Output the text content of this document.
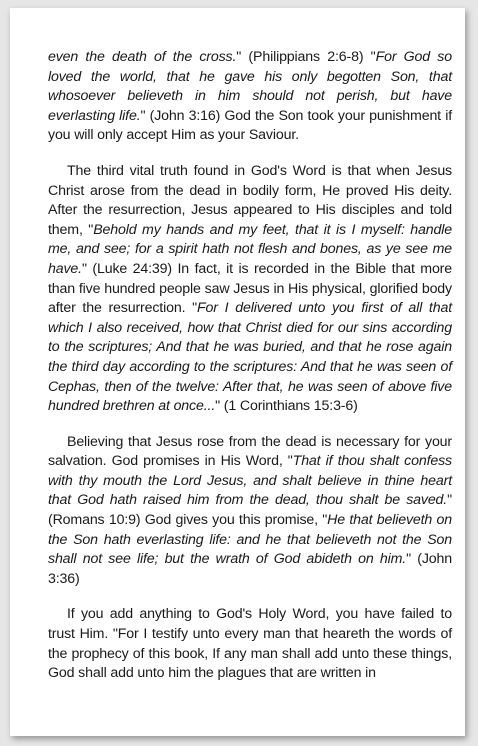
even the death of the cross." (Philippians 2:6-8) "For God so loved the world, that he gave his only begotten Son, that whosoever believeth in him should not perish, but have everlasting life." (John 3:16) God the Son took your punishment if you will only accept Him as your Saviour.

The third vital truth found in God's Word is that when Jesus Christ arose from the dead in bodily form, He proved His deity. After the resurrection, Jesus appeared to His disciples and told them, "Behold my hands and my feet, that it is I myself: handle me, and see; for a spirit hath not flesh and bones, as ye see me have." (Luke 24:39) In fact, it is recorded in the Bible that more than five hundred people saw Jesus in His physical, glorified body after the resurrection. "For I delivered unto you first of all that which I also received, how that Christ died for our sins according to the scriptures; And that he was buried, and that he rose again the third day according to the scriptures: And that he was seen of Cephas, then of the twelve: After that, he was seen of above five hundred brethren at once..." (1 Corinthians 15:3-6)

Believing that Jesus rose from the dead is necessary for your salvation. God promises in His Word, "That if thou shalt confess with thy mouth the Lord Jesus, and shalt believe in thine heart that God hath raised him from the dead, thou shalt be saved." (Romans 10:9) God gives you this promise, "He that believeth on the Son hath everlasting life: and he that believeth not the Son shall not see life; but the wrath of God abideth on him." (John 3:36)

If you add anything to God's Holy Word, you have failed to trust Him. "For I testify unto every man that heareth the words of the prophecy of this book, If any man shall add unto these things, God shall add unto him the plagues that are written in
